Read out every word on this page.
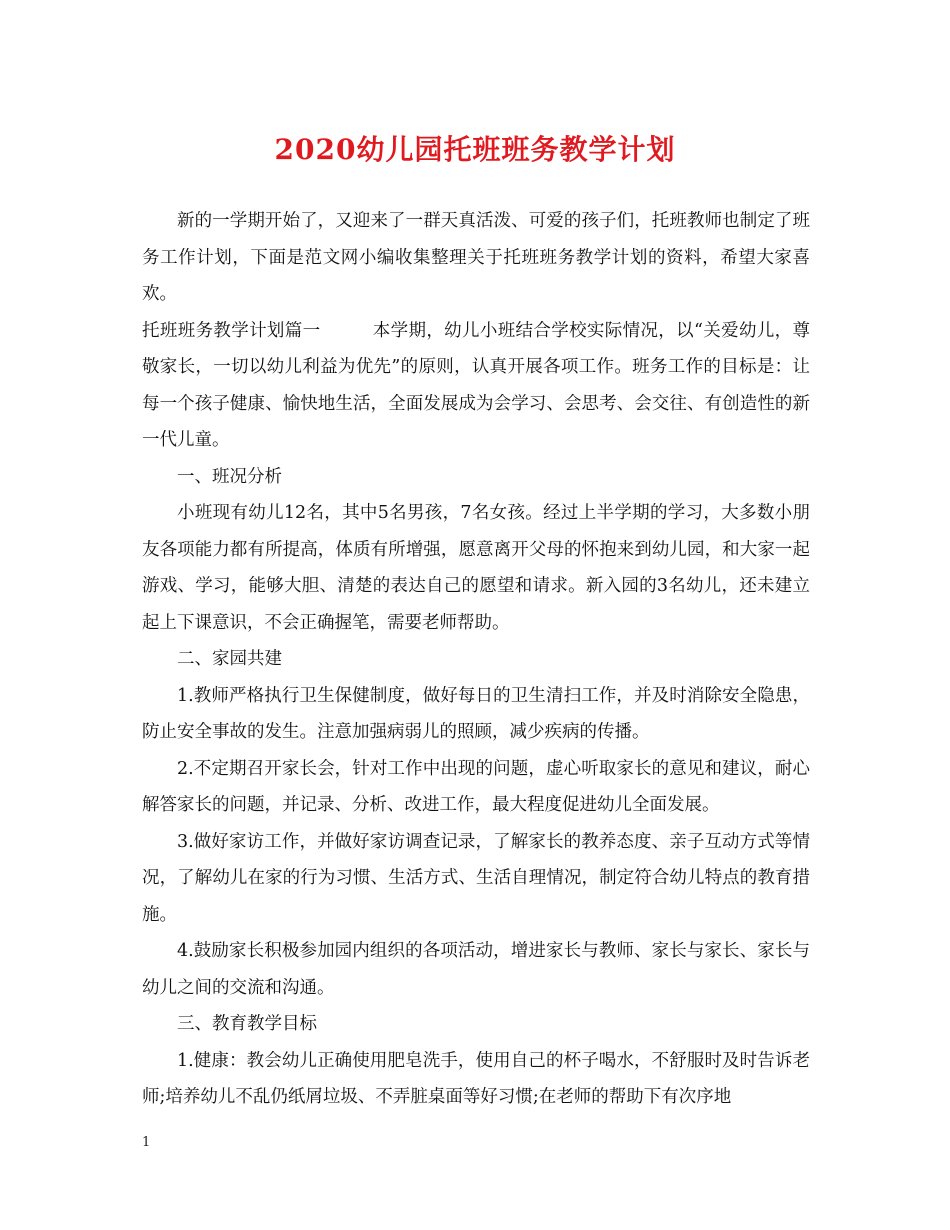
2020幼儿园托班班务教学计划

新的一学期开始了，又迎来了一群天真活泼、可爱的孩子们，托班教师也制定了班务工作计划，下面是范文网小编收集整理关于托班班务教学计划的资料，希望大家喜欢。

托班班务教学计划篇一	本学期，幼儿小班结合学校实际情况，以“关爱幼儿，尊敬家长，一切以幼儿利益为优先”的原则，认真开展各项工作。班务工作的目标是：让每一个孩子健康、愉快地生活，全面发展成为会学习、会思考、会交往、有创造性的新一代儿童。

一、班况分析

小班现有幼儿12名，其中5名男孩，7名女孩。经过上半学期的学习，大多数小朋友各项能力都有所提高，体质有所增强，愿意离开父母的怀抱来到幼儿园，和大家一起游戏、学习，能够大胆、清楚的表达自己的愿望和请求。新入园的3名幼儿，还未建立起上下课意识，不会正确握笔，需要老师帮助。

二、家园共建

1.教师严格执行卫生保健制度，做好每日的卫生清扫工作，并及时消除安全隐患，防止安全事故的发生。注意加强病弱儿的照顾，减少疾病的传播。

2.不定期召开家长会，针对工作中出现的问题，虚心听取家长的意见和建议，耐心解答家长的问题，并记录、分析、改进工作，最大程度促进幼儿全面发展。

3.做好家访工作，并做好家访调查记录，了解家长的教养态度、亲子互动方式等情况，了解幼儿在家的行为习惯、生活方式、生活自理情况，制定符合幼儿特点的教育措施。

4.鼓励家长积极参加园内组织的各项活动，增进家长与教师、家长与家长、家长与幼儿之间的交流和沟通。

三、教育教学目标

1.健康：教会幼儿正确使用肥皂洗手，使用自己的杯子喝水，不舒服时及时告诉老师;培养幼儿不乱仍纸屑垃圾、不弄脏桌面等好习惯;在老师的帮助下有次序地

1
